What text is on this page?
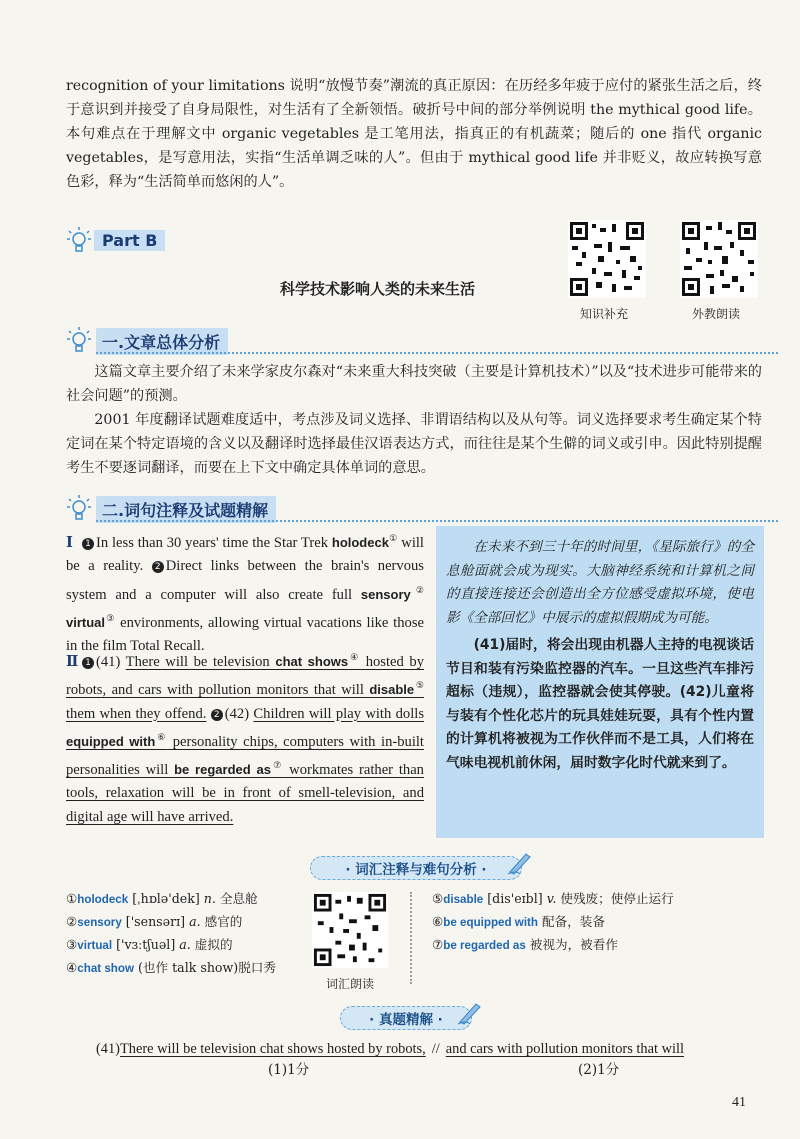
recognition of your limitations 说明“放慢节奏”潮流的真正原因：在历经多年疲于应付的紧张生活之后，终于意识到并接受了自身局限性，对生活有了全新领悟。破折号中间的部分举例说明 the mythical good life。本句难点在于理解文中 organic vegetables 是工笔用法，指真正的有机蔬菜；随后的 one 指代 organic vegetables，是写意用法，实指“生活单调乏味的人”。但由于 mythical good life 并非贬义，故应转换写意色彩，释为“生活简单而悠闲的人”。

Part B
科学技术影响人类的未来生活
知识补充	外教朗读
一.文章总体分析

这篇文章主要介绍了未来学家皮尔森对“未来重大科技突破（主要是计算机技术）”以及“技术进步可能带来的社会问题”的预测。

2001 年度翻译试题难度适中，考点涉及词义选择、非谓语结构以及从句等。词义选择要求考生确定某个特定词在某个特定语境的含义以及翻译时选择最佳汉语表达方式，而往往是某个生僻的词义或引申。因此特别提醒考生不要逐词翻译，而要在上下文中确定具体单词的意思。

二.词句注释及试题精解
Ⅰ 1 In less than 30 years' time the Star Trek holodeck① will be a reality. 2 Direct links between the brain's nervous system and a computer will also create full sensory② virtual③ environments, allowing virtual vacations like those in the film Total Recall.
Ⅱ 1 (41) There will be television chat shows④ hosted by robots, and cars with pollution monitors that will disable⑤ them when they offend. 2 (42) Children will play with dolls equipped with⑥ personality chips, computers with in-built personalities will be regarded as⑦ workmates rather than tools, relaxation will be in front of smell-television, and digital age will have arrived.

在未来不到三十年的时间里，《星际旅行》的全息舱面就会成为现实。大脑神经系统和计算机之间的直接连接还会创造出全方位感受虚拟环境，使电影《全部回忆》中展示的虚拟假期成为可能。

(41)届时，将会出现由机器人主持的电视谈话节目和装有污染监控器的汽车。一旦这些汽车排污超标（违规），监控器就会使其停驶。(42)儿童将与装有个性化芯片的玩具娃娃玩耍，具有个性内置的计算机将被视为工作伙伴而不是工具，人们将在气味电视机前休闲，届时数字化时代就来到了。

· 词汇注释与难句分析 ·
①holodeck [ˌhɒlə'dek] n. 全息舱
②sensory ['sensərɪ] a. 感官的
③virtual ['vɜːtʃuəl] a. 虚拟的
④chat show (也作 talk show)脱口秀
词汇朗读
⑤disable [dis'eɪbl] v. 使残废；使停止运行
⑥be equipped with 配备，装备
⑦be regarded as 被视为，被看作
· 真题精解 ·
(41)There will be television chat shows hosted by robots, // and cars with pollution monitors that will
(1)1分	(2)1分
41
